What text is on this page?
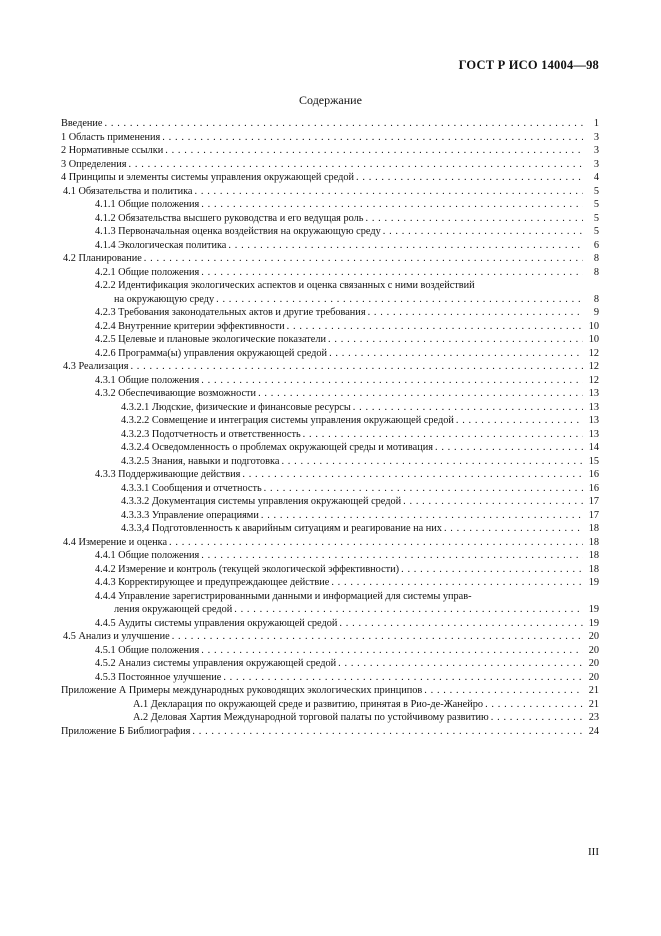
ГОСТ Р ИСО 14004—98
Содержание
Введение . . .	1
1 Область применения . . .	3
2 Нормативные ссылки . . .	3
3 Определения . . .	3
4 Принципы и элементы системы управления окружающей средой . . .	4
4.1 Обязательства и политика . . .	5
4.1.1 Общие положения . . .	5
4.1.2 Обязательства высшего руководства и его ведущая роль . . .	5
4.1.3 Первоначальная оценка воздействия на окружающую среду . . .	5
4.1.4 Экологическая политика . . .	6
4.2 Планирование . . .	8
4.2.1 Общие положения . . .	8
4.2.2 Идентификация экологических аспектов и оценка связанных с ними воздействий
на окружающую среду . . .	8
4.2.3 Требования законодательных актов и другие требования . . .	9
4.2.4 Внутренние критерии эффективности . . .	10
4.2.5 Целевые и плановые экологические показатели . . .	10
4.2.6 Программа(ы) управления окружающей средой . . .	12
4.3 Реализация . . .	12
4.3.1 Общие положения . . .	12
4.3.2 Обеспечивающие возможности . . .	13
4.3.2.1 Людские, физические и финансовые ресурсы . . .	13
4.3.2.2 Совмещение и интеграция системы управления окружающей средой . . .	13
4.3.2.3 Подотчетность и ответственность . . .	13
4.3.2.4 Осведомленность о проблемах окружающей среды и мотивация . . .	14
4.3.2.5 Знания, навыки и подготовка . . .	15
4.3.3 Поддерживающие действия . . .	16
4.3.3.1 Сообщения и отчетность . . .	16
4.3.3.2 Документация системы управления окружающей средой . . .	17
4.3.3.3 Управление операциями . . .	17
4.3.3,4 Подготовленность к аварийным ситуациям и реагирование на них . . .	18
4.4 Измерение и оценка . . .	18
4.4.1 Общие положения . . .	18
4.4.2 Измерение и контроль (текущей экологической эффективности) . . .	18
4.4.3 Корректирующее и предупреждающее действие . . .	19
4.4.4 Управление зарегистрированными данными и информацией для системы управ-
ления окружающей средой . . .	19
4.4.5 Аудиты системы управления окружающей средой . . .	19
4.5 Анализ и улучшение . . .	20
4.5.1 Общие положения . . .	20
4.5.2 Анализ системы управления окружающей средой . . .	20
4.5.3 Постоянное улучшение . . .	20
Приложение А Примеры международных руководящих экологических принципов . . .	21
А.1 Декларация по окружающей среде и развитию, принятая в Рио-де-Жанейро . . .	21
А.2 Деловая Хартия Международной торговой палаты по устойчивому развитию . . .	23
Приложение Б Библиография . . .	24
III
